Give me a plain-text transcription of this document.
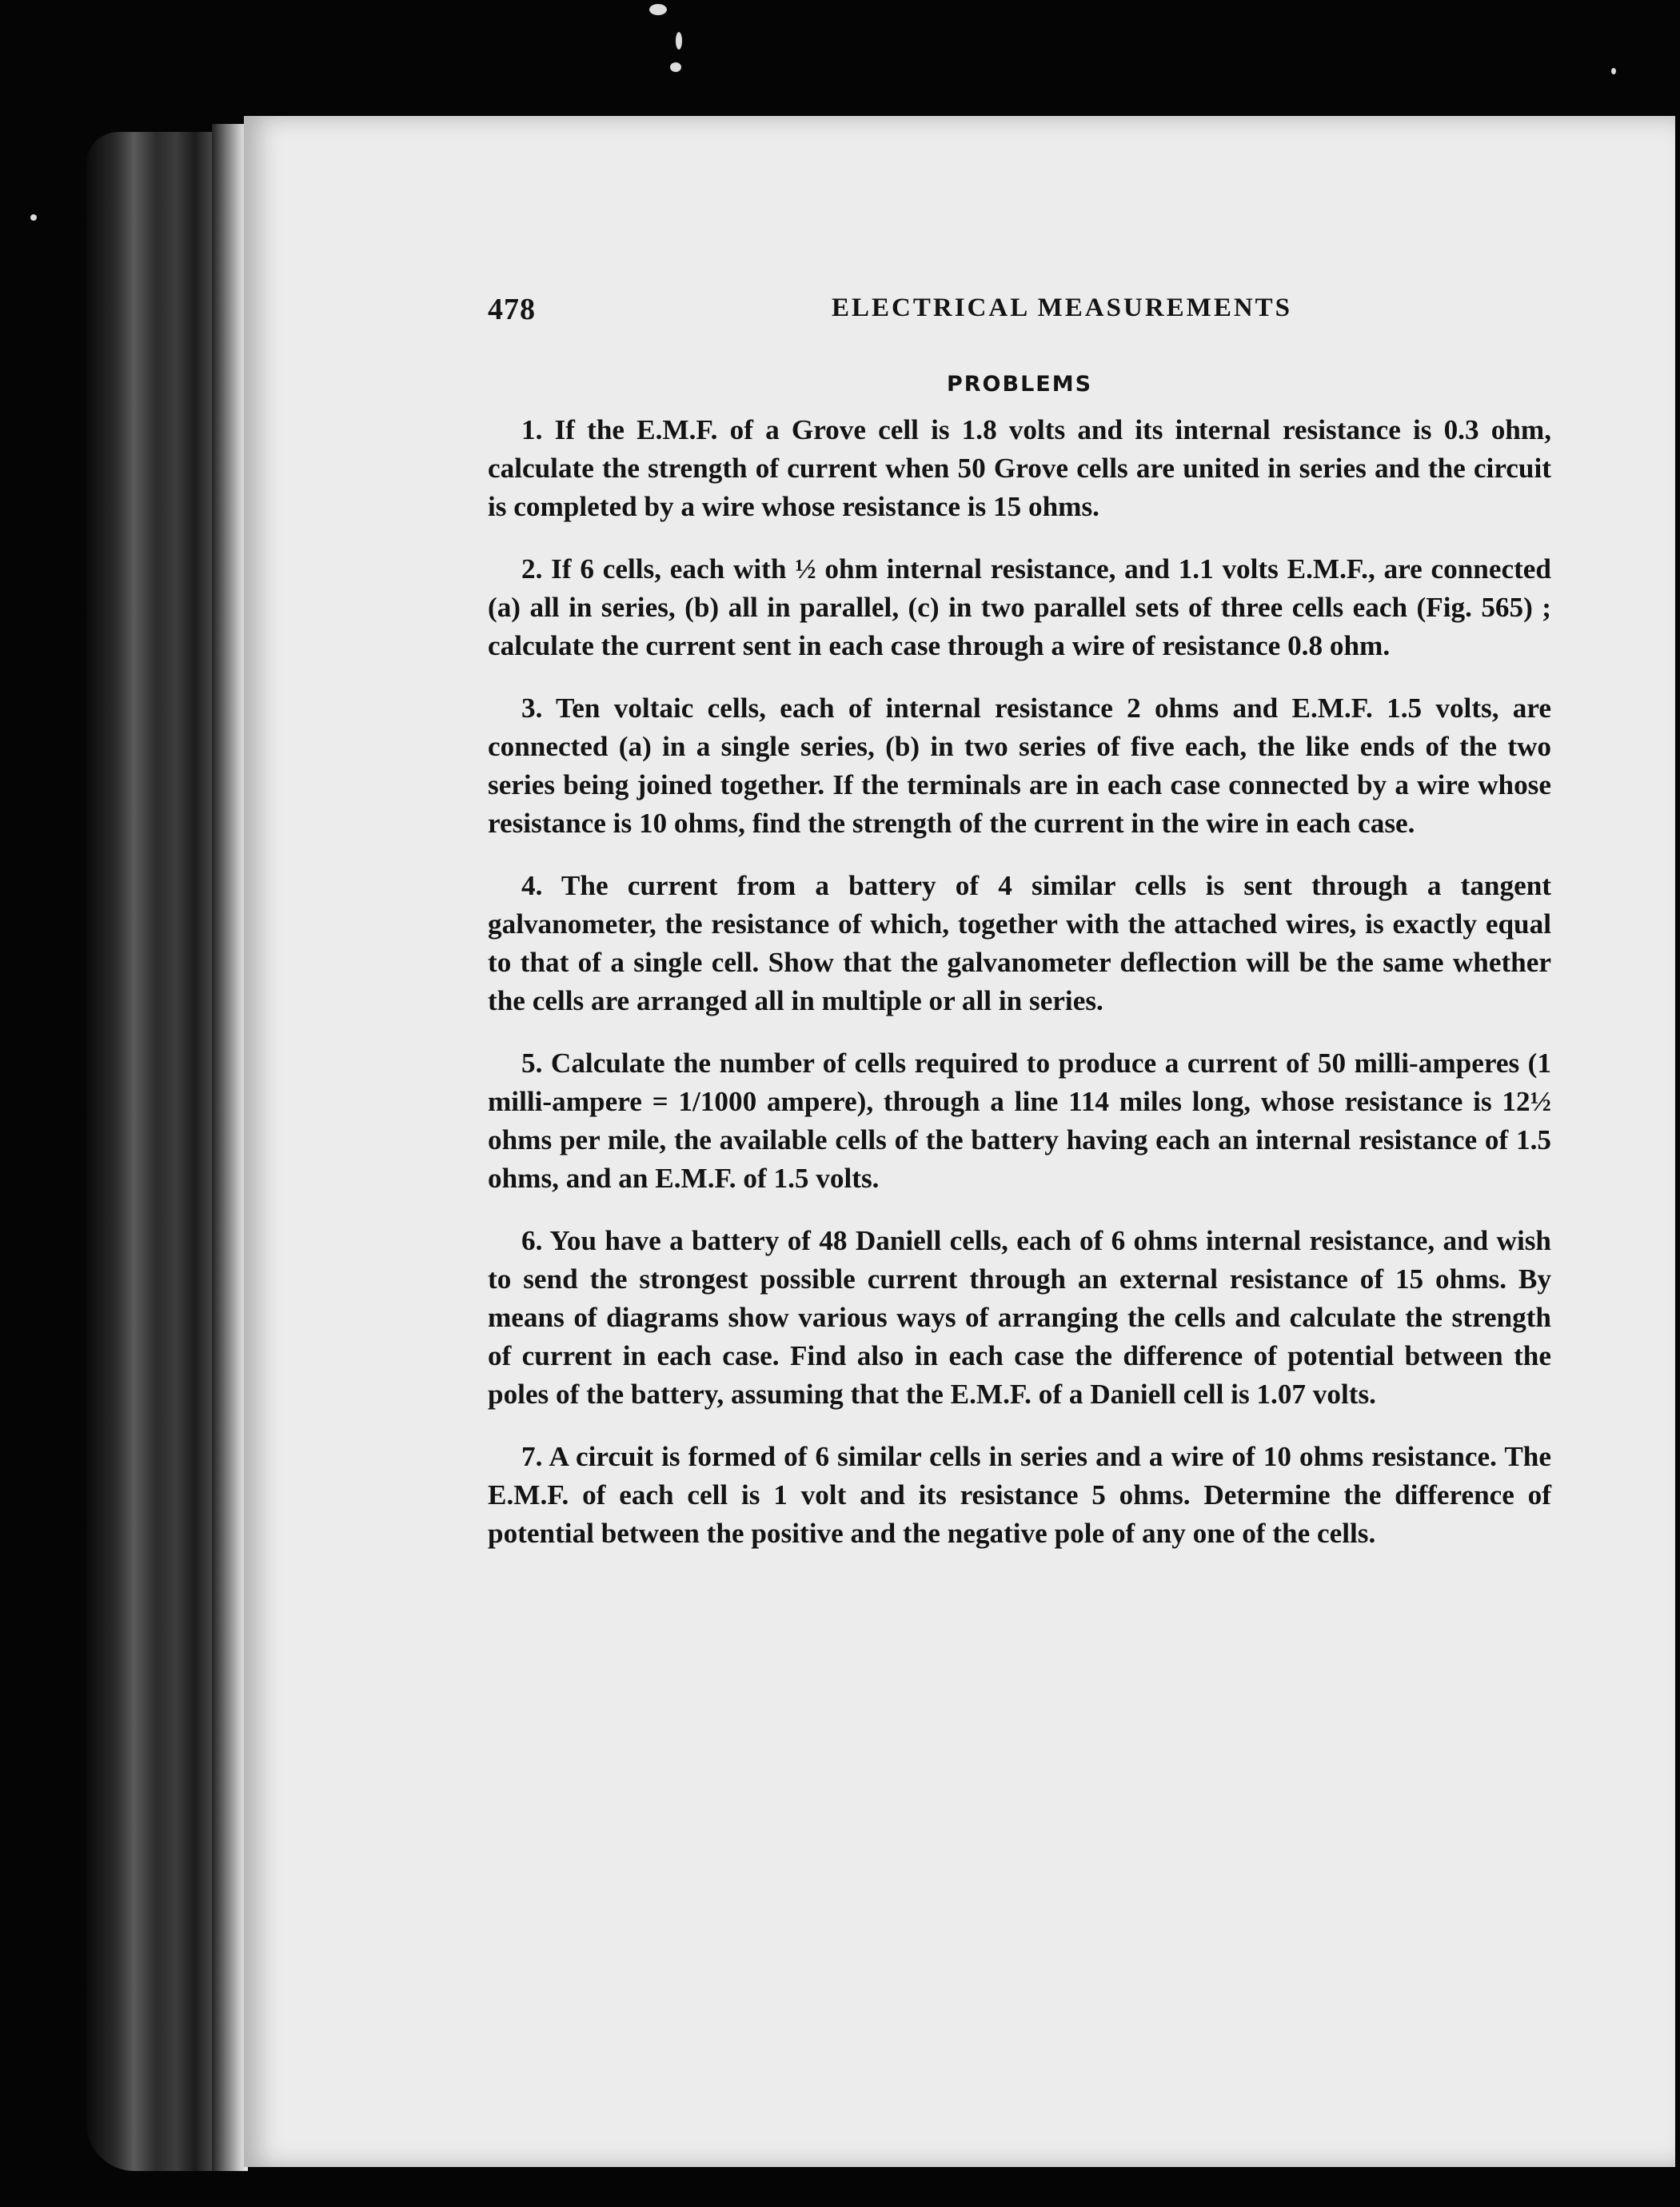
478	ELECTRICAL MEASUREMENTS
PROBLEMS

1. If the E.M.F. of a Grove cell is 1.8 volts and its internal resistance is 0.3 ohm, calculate the strength of current when 50 Grove cells are united in series and the circuit is completed by a wire whose resistance is 15 ohms.

2. If 6 cells, each with ½ ohm internal resistance, and 1.1 volts E.M.F., are connected (a) all in series, (b) all in parallel, (c) in two parallel sets of three cells each (Fig. 565) ; calculate the current sent in each case through a wire of resistance 0.8 ohm.

3. Ten voltaic cells, each of internal resistance 2 ohms and E.M.F. 1.5 volts, are connected (a) in a single series, (b) in two series of five each, the like ends of the two series being joined together. If the terminals are in each case connected by a wire whose resistance is 10 ohms, find the strength of the current in the wire in each case.

4. The current from a battery of 4 similar cells is sent through a tangent galvanometer, the resistance of which, together with the attached wires, is exactly equal to that of a single cell. Show that the galvanometer deflection will be the same whether the cells are arranged all in multiple or all in series.

5. Calculate the number of cells required to produce a current of 50 milli-amperes (1 milli-ampere = 1/1000 ampere), through a line 114 miles long, whose resistance is 12½ ohms per mile, the available cells of the battery having each an internal resistance of 1.5 ohms, and an E.M.F. of 1.5 volts.

6. You have a battery of 48 Daniell cells, each of 6 ohms internal resistance, and wish to send the strongest possible current through an external resistance of 15 ohms. By means of diagrams show various ways of arranging the cells and calculate the strength of current in each case. Find also in each case the difference of potential between the poles of the battery, assuming that the E.M.F. of a Daniell cell is 1.07 volts.

7. A circuit is formed of 6 similar cells in series and a wire of 10 ohms resistance. The E.M.F. of each cell is 1 volt and its resistance 5 ohms. Determine the difference of potential between the positive and the negative pole of any one of the cells.
